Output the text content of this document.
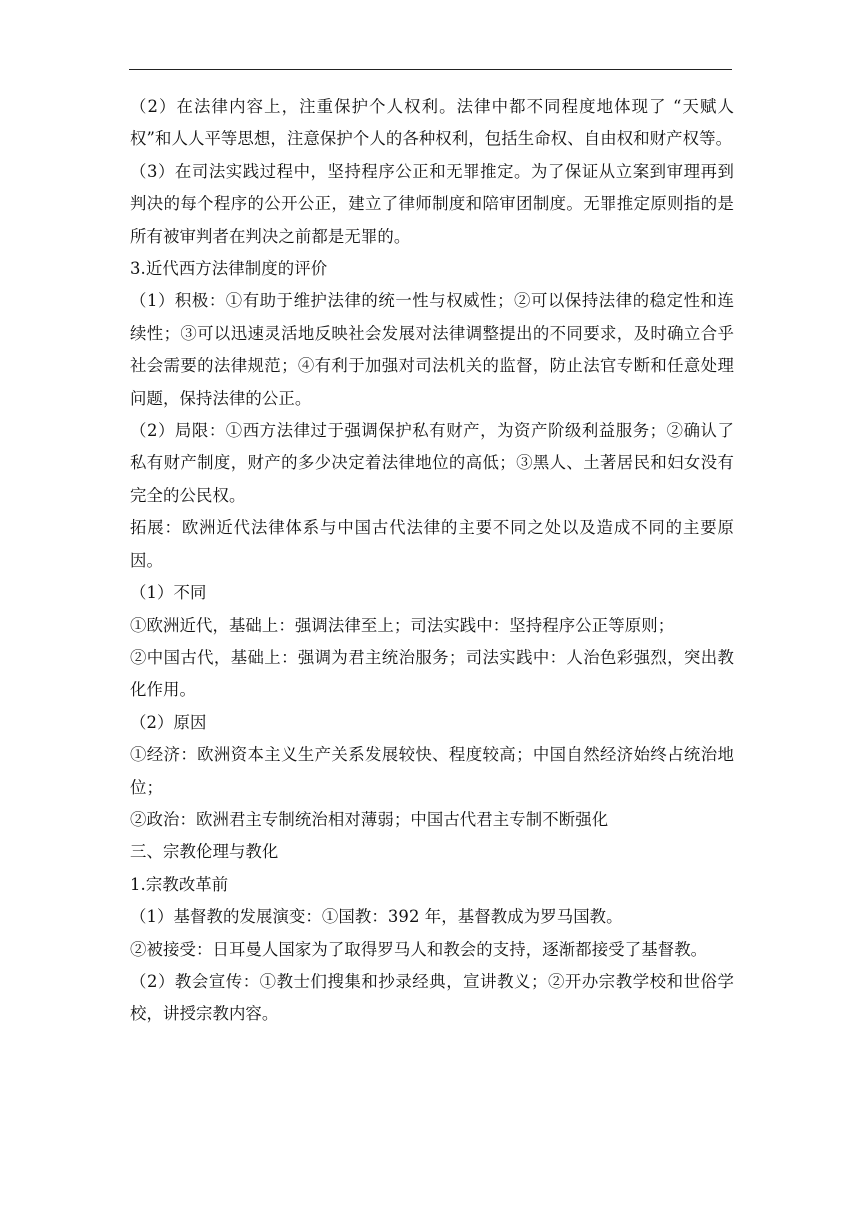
（2）在法律内容上，注重保护个人权利。法律中都不同程度地体现了 “天赋人权”和人人平等思想，注意保护个人的各种权利，包括生命权、自由权和财产权等。

（3）在司法实践过程中，坚持程序公正和无罪推定。为了保证从立案到审理再到判决的每个程序的公开公正，建立了律师制度和陪审团制度。无罪推定原则指的是所有被审判者在判决之前都是无罪的。

3.近代西方法律制度的评价

（1）积极：①有助于维护法律的统一性与权威性；②可以保持法律的稳定性和连续性；③可以迅速灵活地反映社会发展对法律调整提出的不同要求，及时确立合乎社会需要的法律规范；④有利于加强对司法机关的监督，防止法官专断和任意处理问题，保持法律的公正。

（2）局限：①西方法律过于强调保护私有财产，为资产阶级利益服务；②确认了私有财产制度，财产的多少决定着法律地位的高低；③黑人、土著居民和妇女没有完全的公民权。

拓展：欧洲近代法律体系与中国古代法律的主要不同之处以及造成不同的主要原因。

（1）不同

①欧洲近代，基础上：强调法律至上；司法实践中：坚持程序公正等原则；

②中国古代，基础上：强调为君主统治服务；司法实践中：人治色彩强烈，突出教化作用。

（2）原因

①经济：欧洲资本主义生产关系发展较快、程度较高；中国自然经济始终占统治地位；

②政治：欧洲君主专制统治相对薄弱；中国古代君主专制不断强化

三、宗教伦理与教化

1.宗教改革前

（1）基督教的发展演变：①国教：392 年，基督教成为罗马国教。

②被接受：日耳曼人国家为了取得罗马人和教会的支持，逐渐都接受了基督教。

（2）教会宣传：①教士们搜集和抄录经典，宣讲教义；②开办宗教学校和世俗学校，讲授宗教内容。
